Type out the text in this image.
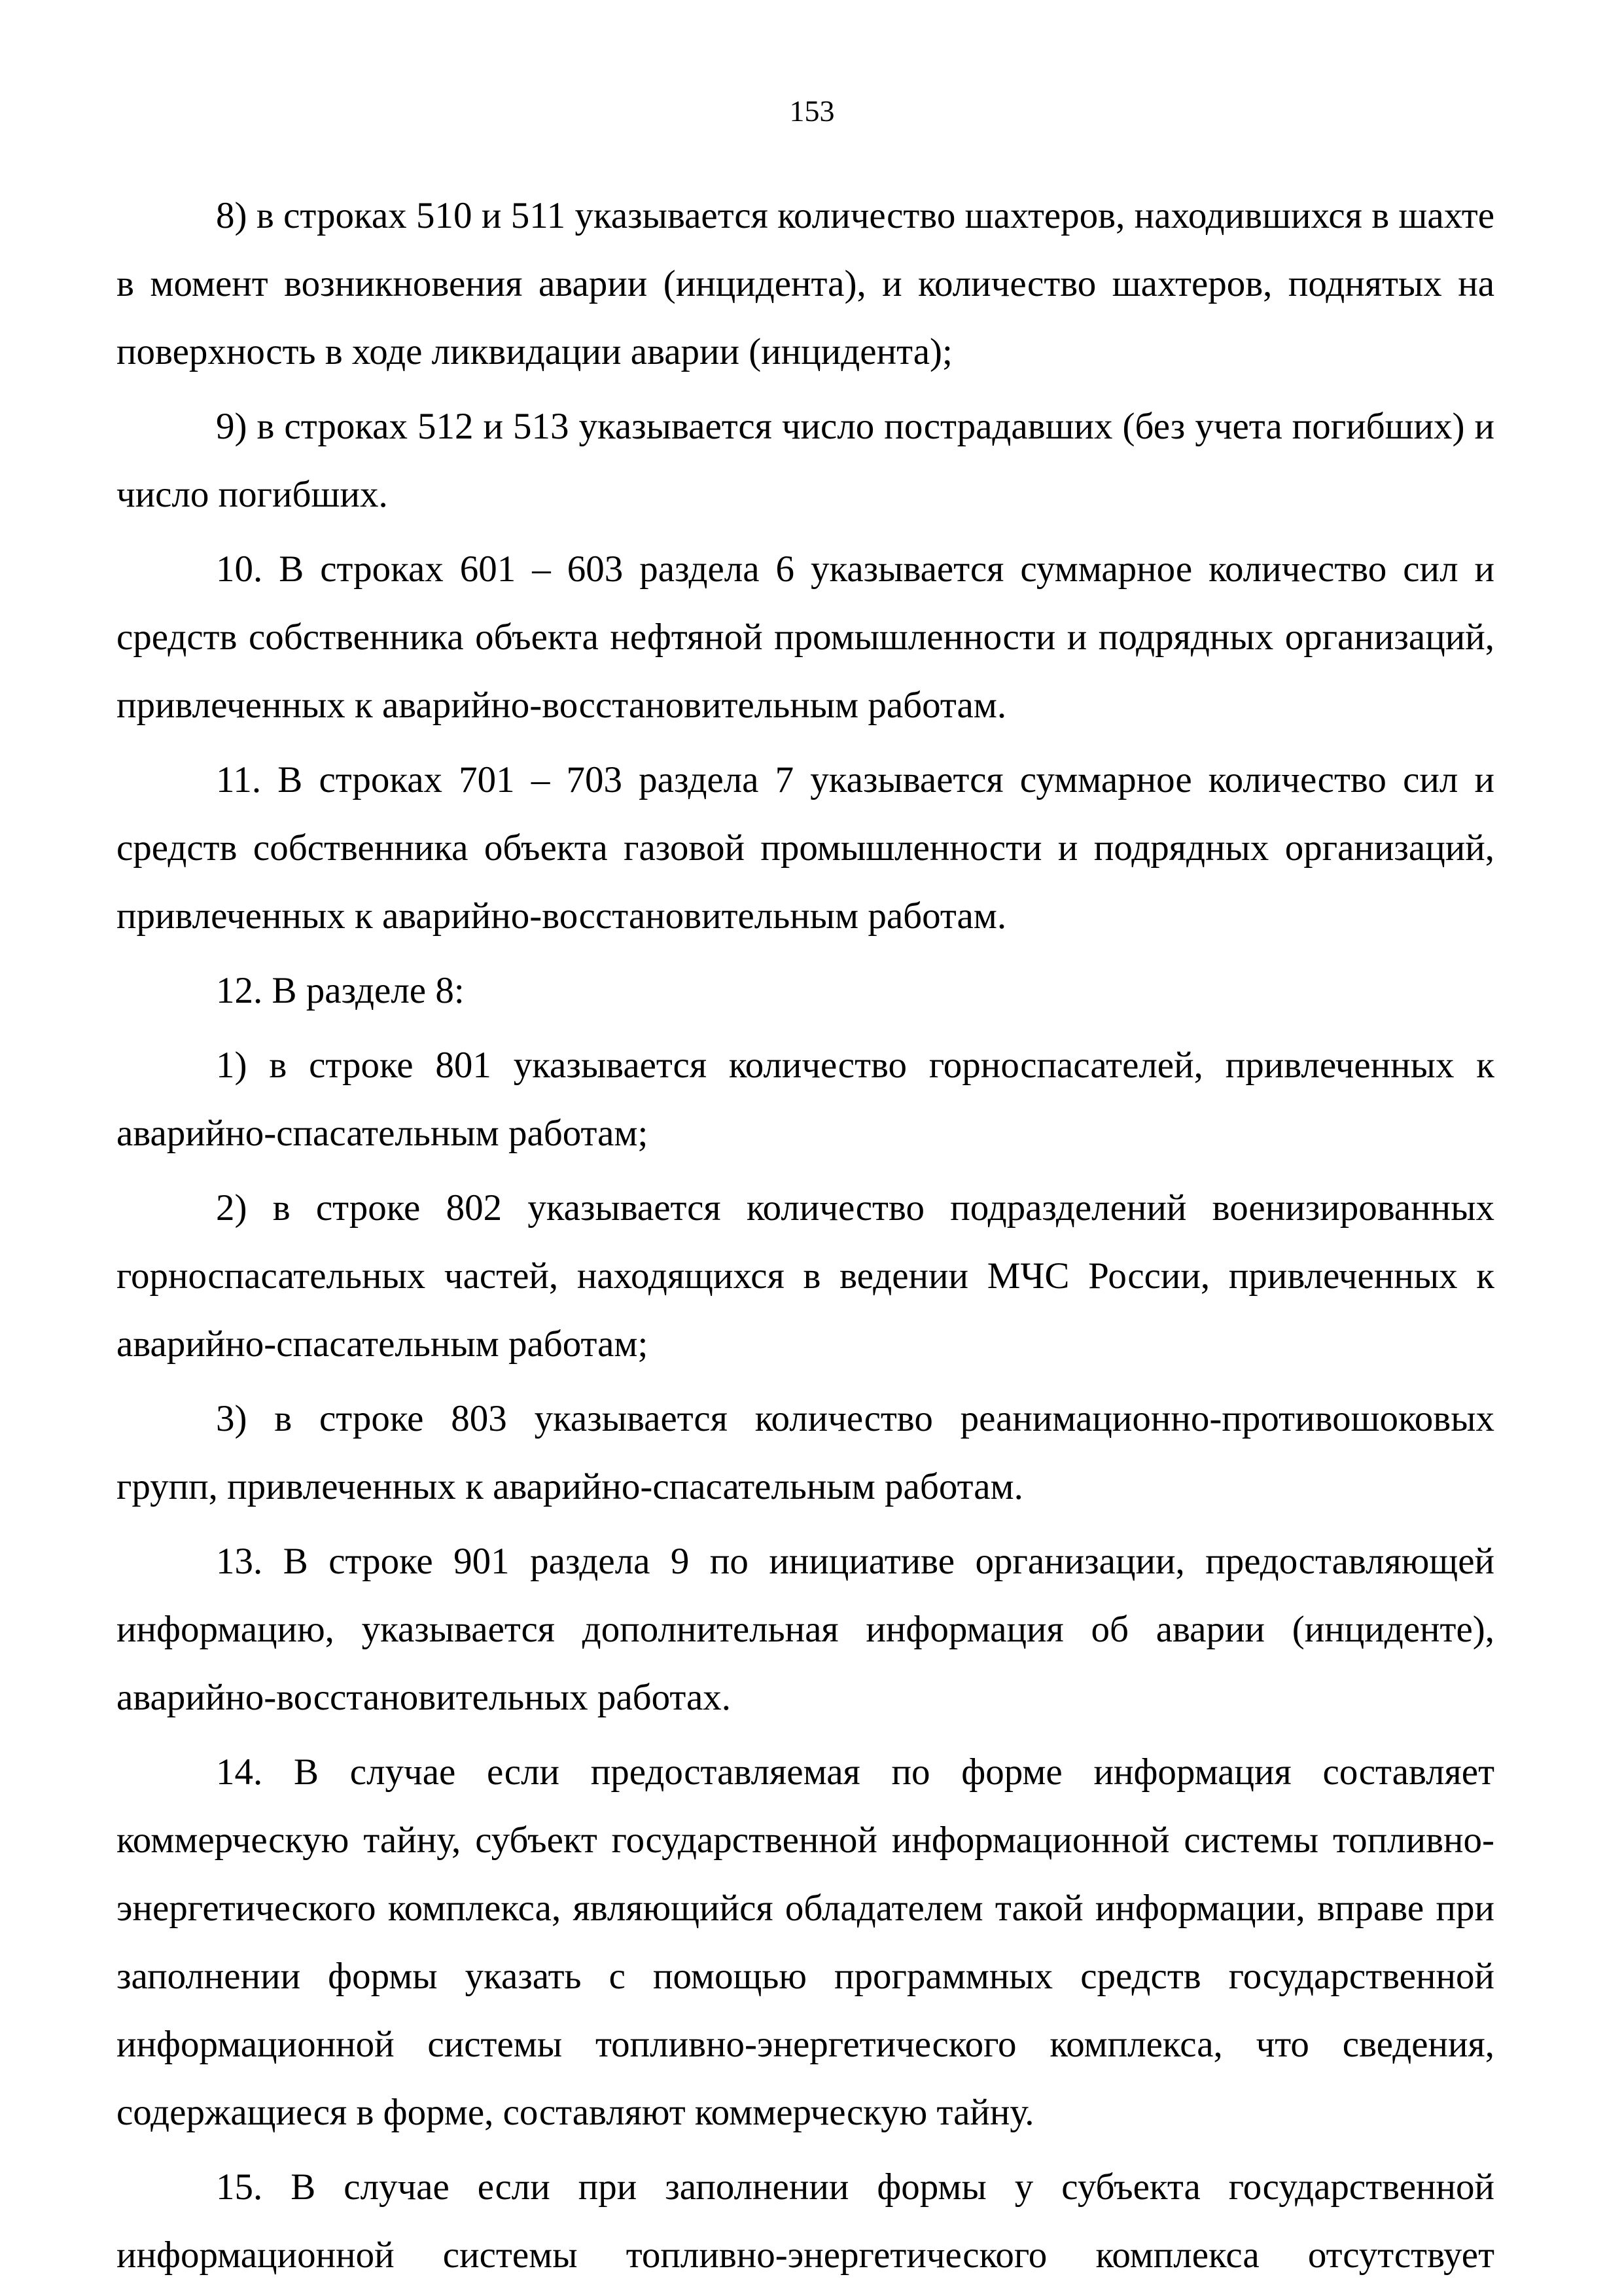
153

8) в строках 510 и 511 указывается количество шахтеров, находившихся в шахте в момент возникновения аварии (инцидента), и количество шахтеров, поднятых на поверхность в ходе ликвидации аварии (инцидента);

9) в строках 512 и 513 указывается число пострадавших (без учета погибших) и число погибших.

10. В строках 601 – 603 раздела 6 указывается суммарное количество сил и средств собственника объекта нефтяной промышленности и подрядных организаций, привлеченных к аварийно-восстановительным работам.

11. В строках 701 – 703 раздела 7 указывается суммарное количество сил и средств собственника объекта газовой промышленности и подрядных организаций, привлеченных к аварийно-восстановительным работам.

12. В разделе 8:

1) в строке 801 указывается количество горноспасателей, привлеченных к аварийно-спасательным работам;

2) в строке 802 указывается количество подразделений военизированных горноспасательных частей, находящихся в ведении МЧС России, привлеченных к аварийно-спасательным работам;

3) в строке 803 указывается количество реанимационно-противошоковых групп, привлеченных к аварийно-спасательным работам.

13. В строке 901 раздела 9 по инициативе организации, предоставляющей информацию, указывается дополнительная информация об аварии (инциденте), аварийно-восстановительных работах.

14. В случае если предоставляемая по форме информация составляет коммерческую тайну, субъект государственной информационной системы топливно-энергетического комплекса, являющийся обладателем такой информации, вправе при заполнении формы указать с помощью программных средств государственной информационной системы топливно-энергетического комплекса, что сведения, содержащиеся в форме, составляют коммерческую тайну.

15. В случае если при заполнении формы у субъекта государственной информационной системы топливно-энергетического комплекса отсутствует
